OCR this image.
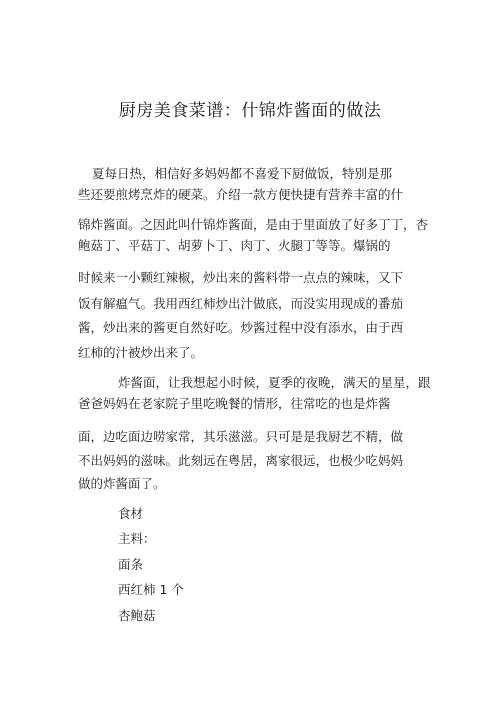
厨房美食菜谱：什锦炸酱面的做法
夏每日热，相信好多妈妈都不喜爱下厨做饭，特别是那
些还要煎烤烹炸的硬菜。介绍一款方便快捷有营养丰富的什
锦炸酱面。之因此叫什锦炸酱面，是由于里面放了好多丁丁，杏
鲍菇丁、平菇丁、胡萝卜丁、肉丁、火腿丁等等。爆锅的
时候来一小颗红辣椒，炒出来的酱料带一点点的辣味，又下
饭有解瘟气。我用西红柿炒出汁做底，而没实用现成的番茄
酱，炒出来的酱更自然好吃。炒酱过程中没有添水，由于西
红柿的汁被炒出来了。
炸酱面，让我想起小时候，夏季的夜晚，满天的星星，跟
爸爸妈妈在老家院子里吃晚餐的情形，往常吃的也是炸酱
面，边吃面边唠家常，其乐滋滋。只可是是我厨艺不精，做
不出妈妈的滋味。此刻远在粤居，离家很远，也极少吃妈妈
做的炸酱面了。
食材
主料：
面条
西红柿 1 个
杏鲍菇
